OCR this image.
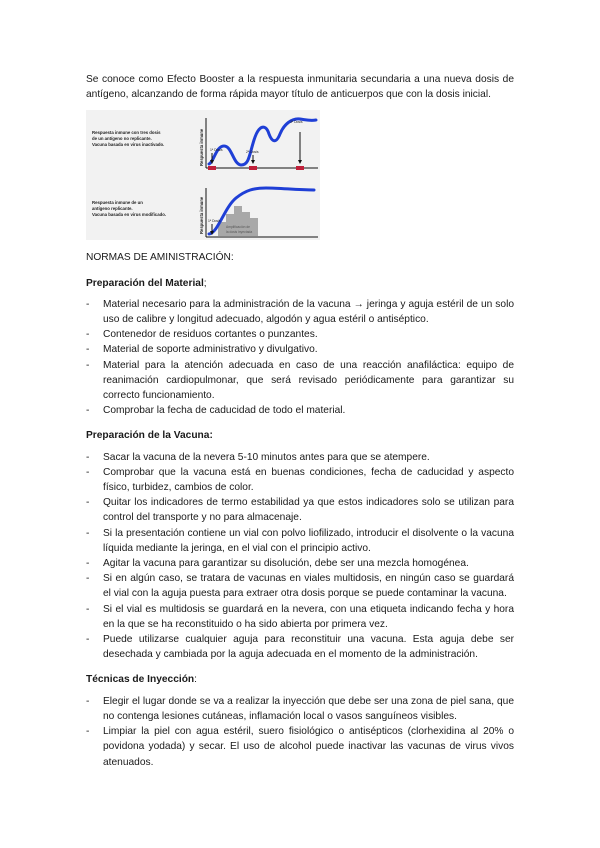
Se conoce como Efecto Booster a la respuesta inmunitaria secundaria a una nueva dosis de antígeno, alcanzando de forma rápida mayor título de anticuerpos que con la dosis inicial.

Respuesta inmune con tres dosis
de un antígeno no replicante.
Vacuna basada en virus inactivado.	Respuesta inmune 1ª Dosis	2ª Dosis
3ª Dosis
Respuesta inmune de un
antígeno replicante.
Vacuna basada en virus modificado.
Amplificación de
la dosis inyectada
Respuesta inmune 1ª Dosis

NORMAS DE AMINISTRACIÓN:

Preparación del Material;

- Material necesario para la administración de la vacuna → jeringa y aguja estéril de un solo uso de calibre y longitud adecuado, algodón y agua estéril o antiséptico.
- Contenedor de residuos cortantes o punzantes.
- Material de soporte administrativo y divulgativo.
- Material para la atención adecuada en caso de una reacción anafiláctica: equipo de reanimación cardiopulmonar, que será revisado periódicamente para garantizar su correcto funcionamiento.
- Comprobar la fecha de caducidad de todo el material.

Preparación de la Vacuna:

- Sacar la vacuna de la nevera 5-10 minutos antes para que se atempere.
- Comprobar que la vacuna está en buenas condiciones, fecha de caducidad y aspecto físico, turbidez, cambios de color.
- Quitar los indicadores de termo estabilidad ya que estos indicadores solo se utilizan para control del transporte y no para almacenaje.
- Si la presentación contiene un vial con polvo liofilizado, introducir el disolvente o la vacuna líquida mediante la jeringa, en el vial con el principio activo.
- Agitar la vacuna para garantizar su disolución, debe ser una mezcla homogénea.
- Si en algún caso, se tratara de vacunas en viales multidosis, en ningún caso se guardará el vial con la aguja puesta para extraer otra dosis porque se puede contaminar la vacuna.
- Si el vial es multidosis se guardará en la nevera, con una etiqueta indicando fecha y hora en la que se ha reconstituido o ha sido abierta por primera vez.
- Puede utilizarse cualquier aguja para reconstituir una vacuna. Esta aguja debe ser desechada y cambiada por la aguja adecuada en el momento de la administración.

Técnicas de Inyección:

- Elegir el lugar donde se va a realizar la inyección que debe ser una zona de piel sana, que no contenga lesiones cutáneas, inflamación local o vasos sanguíneos visibles.
- Limpiar la piel con agua estéril, suero fisiológico o antisépticos (clorhexidina al 20% o povidona yodada) y secar. El uso de alcohol puede inactivar las vacunas de virus vivos atenuados.
